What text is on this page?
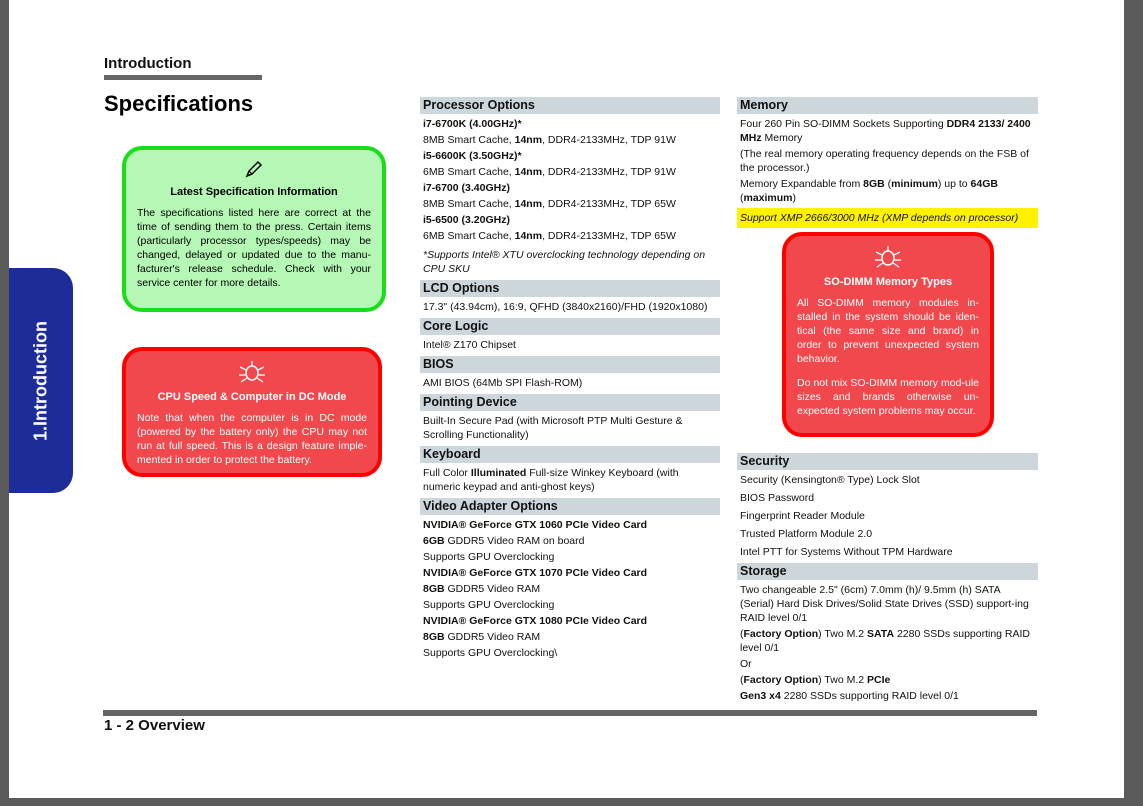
Introduction
Specifications
1.Introduction
Latest Specification Information
The specifications listed here are correct at the time of sending them to the press. Certain items (particularly processor types/speeds) may be changed, delayed or updated due to the manu-facturer's release schedule. Check with your service center for more details.
CPU Speed & Computer in DC Mode
Note that when the computer is in DC mode (powered by the battery only) the CPU may not run at full speed. This is a design feature imple-mented in order to protect the battery.
Processor Options
i7-6700K (4.00GHz)*
8MB Smart Cache, 14nm, DDR4-2133MHz, TDP 91W
i5-6600K (3.50GHz)*
6MB Smart Cache, 14nm, DDR4-2133MHz, TDP 91W
i7-6700 (3.40GHz)
8MB Smart Cache, 14nm, DDR4-2133MHz, TDP 65W
i5-6500 (3.20GHz)
6MB Smart Cache, 14nm, DDR4-2133MHz, TDP 65W
*Supports Intel® XTU overclocking technology depending on CPU SKU
LCD Options
17.3" (43.94cm), 16:9, QFHD (3840x2160)/FHD (1920x1080)
Core Logic
Intel® Z170 Chipset
BIOS
AMI BIOS (64Mb SPI Flash-ROM)
Pointing Device
Built-In Secure Pad (with Microsoft PTP Multi Gesture & Scrolling Functionality)
Keyboard
Full Color Illuminated Full-size Winkey Keyboard (with numeric keypad and anti-ghost keys)
Video Adapter Options
NVIDIA® GeForce GTX 1060 PCIe Video Card
6GB GDDR5 Video RAM on board
Supports GPU Overclocking
NVIDIA® GeForce GTX 1070 PCIe Video Card
8GB GDDR5 Video RAM
Supports GPU Overclocking
NVIDIA® GeForce GTX 1080 PCIe Video Card
8GB GDDR5 Video RAM
Supports GPU Overclocking\
Memory
Four 260 Pin SO-DIMM Sockets Supporting DDR4 2133/ 2400 MHz Memory
(The real memory operating frequency depends on the FSB of the processor.)
Memory Expandable from 8GB (minimum) up to 64GB (maximum)
Support XMP 2666/3000 MHz (XMP depends on processor)
Security
Security (Kensington® Type) Lock Slot
BIOS Password
Fingerprint Reader Module
Trusted Platform Module 2.0
Intel PTT for Systems Without TPM Hardware
Storage
Two changeable 2.5" (6cm) 7.0mm (h)/ 9.5mm (h) SATA (Serial) Hard Disk Drives/Solid State Drives (SSD) support-ing RAID level 0/1
(Factory Option) Two M.2 SATA 2280 SSDs supporting RAID level 0/1
Or
(Factory Option) Two M.2 PCIe
Gen3 x4 2280 SSDs supporting RAID level 0/1
SO-DIMM Memory Types
All SO-DIMM memory modules in-stalled in the system should be iden-tical (the same size and brand) in order to prevent unexpected system behavior.
Do not mix SO-DIMM memory mod-ule sizes and brands otherwise un-expected system problems may occur.
1 - 2 Overview
